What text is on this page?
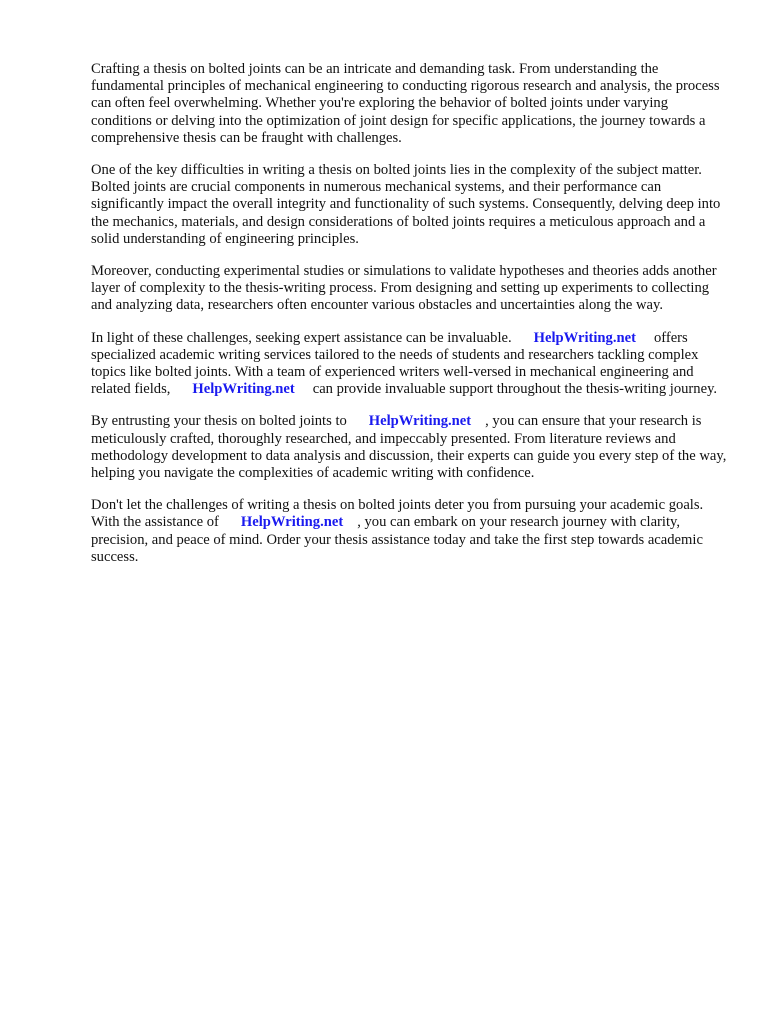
Crafting a thesis on bolted joints can be an intricate and demanding task. From understanding the fundamental principles of mechanical engineering to conducting rigorous research and analysis, the process can often feel overwhelming. Whether you're exploring the behavior of bolted joints under varying conditions or delving into the optimization of joint design for specific applications, the journey towards a comprehensive thesis can be fraught with challenges.

One of the key difficulties in writing a thesis on bolted joints lies in the complexity of the subject matter. Bolted joints are crucial components in numerous mechanical systems, and their performance can significantly impact the overall integrity and functionality of such systems. Consequently, delving deep into the mechanics, materials, and design considerations of bolted joints requires a meticulous approach and a solid understanding of engineering principles.

Moreover, conducting experimental studies or simulations to validate hypotheses and theories adds another layer of complexity to the thesis-writing process. From designing and setting up experiments to collecting and analyzing data, researchers often encounter various obstacles and uncertainties along the way.

In light of these challenges, seeking expert assistance can be invaluable. HelpWriting.net offers specialized academic writing services tailored to the needs of students and researchers tackling complex topics like bolted joints. With a team of experienced writers well-versed in mechanical engineering and related fields, HelpWriting.net can provide invaluable support throughout the thesis-writing journey.

By entrusting your thesis on bolted joints to HelpWriting.net , you can ensure that your research is meticulously crafted, thoroughly researched, and impeccably presented. From literature reviews and methodology development to data analysis and discussion, their experts can guide you every step of the way, helping you navigate the complexities of academic writing with confidence.

Don't let the challenges of writing a thesis on bolted joints deter you from pursuing your academic goals. With the assistance of HelpWriting.net , you can embark on your research journey with clarity, precision, and peace of mind. Order your thesis assistance today and take the first step towards academic success.
